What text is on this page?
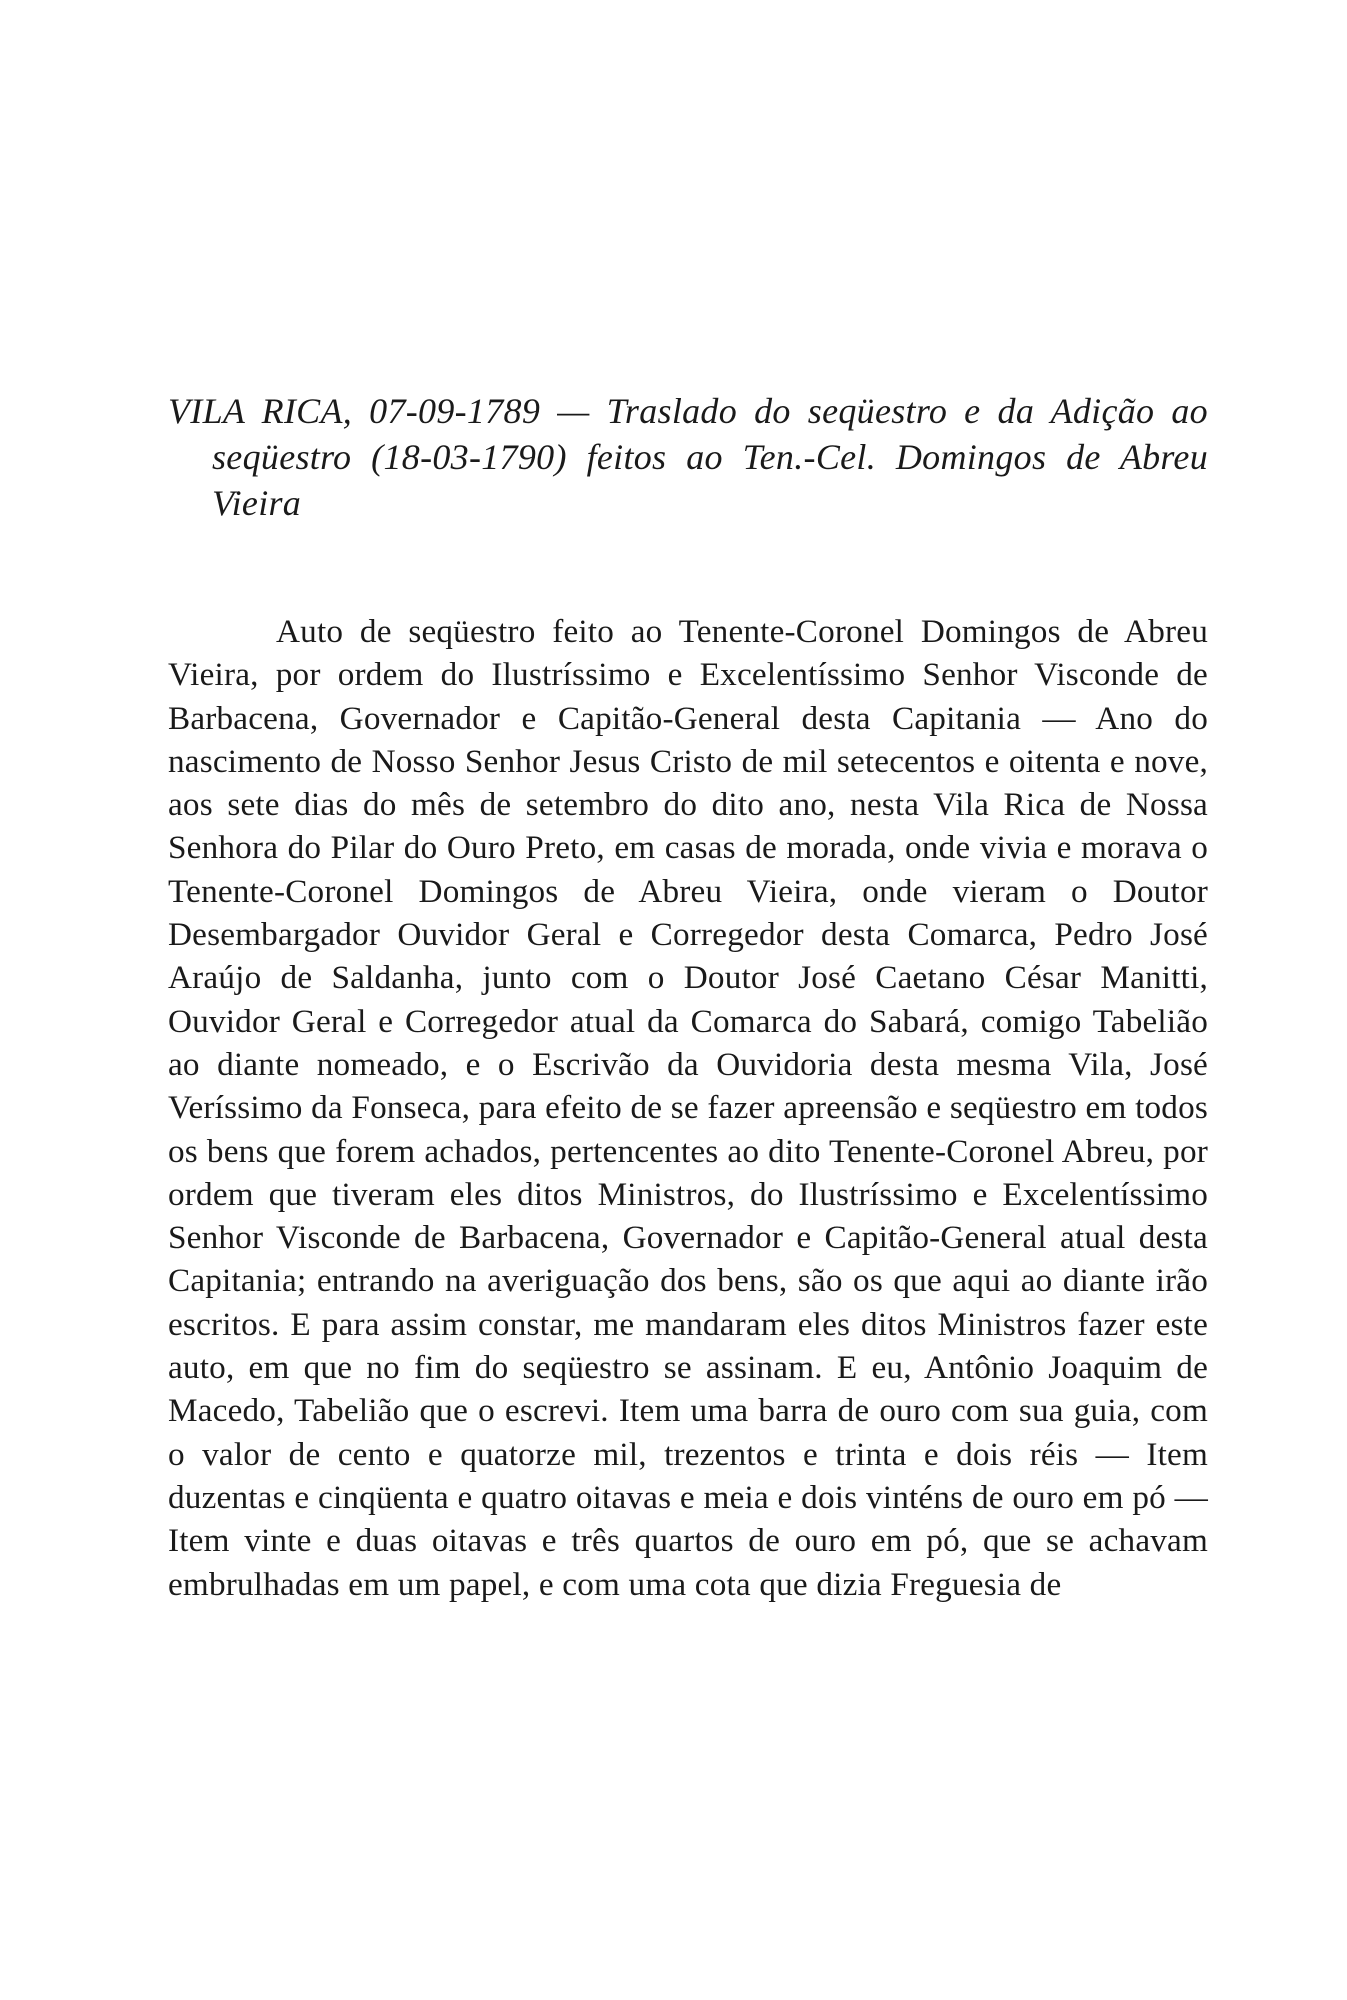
VILA RICA, 07-09-1789 — Traslado do seqüestro e da Adição ao seqüestro (18-03-1790) feitos ao Ten.-Cel. Domingos de Abreu Vieira

Auto de seqüestro feito ao Tenente-Coronel Domingos de Abreu Vieira, por ordem do Ilustríssimo e Excelentíssimo Senhor Visconde de Barbacena, Governador e Capitão-General desta Capitania — Ano do nascimento de Nosso Senhor Jesus Cristo de mil setecentos e oitenta e nove, aos sete dias do mês de setembro do dito ano, nesta Vila Rica de Nossa Senhora do Pilar do Ouro Preto, em casas de morada, onde vivia e morava o Tenente-Coronel Domingos de Abreu Vieira, onde vieram o Doutor Desembargador Ouvidor Geral e Corregedor desta Comarca, Pedro José Araújo de Saldanha, junto com o Doutor José Caetano César Manitti, Ouvidor Geral e Corregedor atual da Comarca do Sabará, comigo Tabelião ao diante nomeado, e o Escrivão da Ouvidoria desta mesma Vila, José Veríssimo da Fonseca, para efeito de se fazer apreensão e seqüestro em todos os bens que forem achados, pertencentes ao dito Tenente-Coronel Abreu, por ordem que tiveram eles ditos Ministros, do Ilustríssimo e Excelentíssimo Senhor Visconde de Barbacena, Governador e Capitão-General atual desta Capitania; entrando na averiguação dos bens, são os que aqui ao diante irão escritos. E para assim constar, me mandaram eles ditos Ministros fazer este auto, em que no fim do seqüestro se assinam. E eu, Antônio Joaquim de Macedo, Tabelião que o escrevi. Item uma barra de ouro com sua guia, com o valor de cento e quatorze mil, trezentos e trinta e dois réis — Item duzentas e cinqüenta e quatro oitavas e meia e dois vinténs de ouro em pó — Item vinte e duas oitavas e três quartos de ouro em pó, que se achavam embrulhadas em um papel, e com uma cota que dizia Freguesia de
